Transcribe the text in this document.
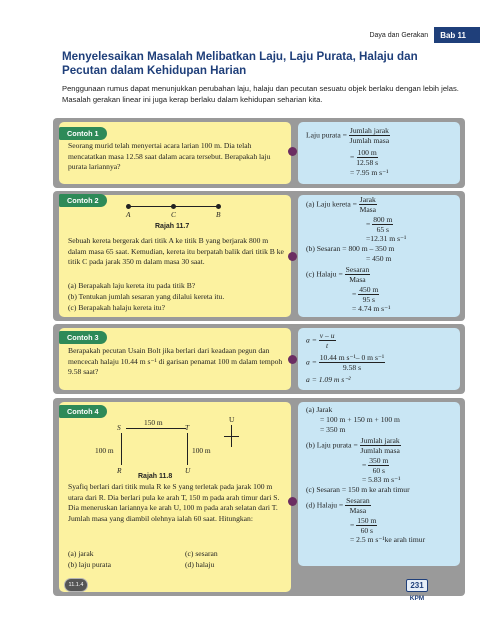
Daya dan Gerakan	Bab 11
Menyelesaikan Masalah Melibatkan Laju, Laju Purata, Halaju dan Pecutan dalam Kehidupan Harian
Penggunaan rumus dapat menunjukkan perubahan laju, halaju dan pecutan sesuatu objek berlaku dengan lebih jelas. Masalah gerakan linear ini juga kerap berlaku dalam kehidupan seharian kita.
Contoh 1
Seorang murid telah menyertai acara larian 100 m. Dia telah mencatatkan masa 12.58 saat dalam acara tersebut. Berapakah laju purata lariannya?
Laju purata = $\frac{\text{Jumlah jarak}}{\text{Jumlah masa}}$
= $\frac{100 m}{12.58 s}$
= 7.95 m s⁻¹
Contoh 2
A	C	B
Rajah 11.7
Sebuah kereta bergerak dari titik A ke titik B yang berjarak 800 m dalam masa 65 saat. Kemudian, kereta itu berpatah balik dari titik B ke titik C pada jarak 350 m dalam masa 30 saat.
(a) Berapakah laju kereta itu pada titik B?
(b) Tentukan jumlah sesaran yang dilalui kereta itu.
(c) Berapakah halaju kereta itu?
(a) Laju kereta = $\frac{\text{Jarak}}{\text{Masa}}$
= $\frac{800 m}{65 s}$
=12.31 m s⁻¹
(b) Sesaran = 800 m – 350 m
= 450 m
(c) Halaju = $\frac{\text{Sesaran}}{\text{Masa}}$
= $\frac{450 m}{95 s}$
= 4.74 m s⁻¹
Contoh 3
Berapakah pecutan Usain Bolt jika berlari dari keadaan pegun dan mencecah halaju 10.44 m s⁻¹ di garisan penamat 100 m dalam tempoh 9.58 saat?
$a = \frac{v - u}{t}$
$a = \frac{\text{10.44 m s⁻¹– 0 m s⁻¹}}{9.58 s}$
a = 1.09 m s⁻²
Contoh 4
S	T
R	U
150 m
100 m	100 m
U
Rajah 11.8
Syafiq berlari dari titik mula R ke S yang terletak pada jarak 100 m utara dari R. Dia berlari pula ke arah T, 150 m pada arah timur dari S. Dia meneruskan lariannya ke arah U, 100 m pada arah selatan dari T. Jumlah masa yang diambil olehnya ialah 60 saat. Hitungkan:
(a) jarak	(c) sesaran
(b) laju purata	(d) halaju
(a) Jarak
= 100 m + 150 m + 100 m
= 350 m
(b) Laju purata = $\frac{\text{Jumlah jarak}}{\text{Jumlah masa}}$
= $\frac{350 m}{60 s}$
= 5.83 m s⁻¹
(c) Sesaran = 150 m ke arah timur
(d) Halaju = $\frac{\text{Sesaran}}{\text{Masa}}$
= $\frac{150 m}{60 s}$
= 2.5 m s⁻¹ke arah timur
11.1.4	231
KPM
